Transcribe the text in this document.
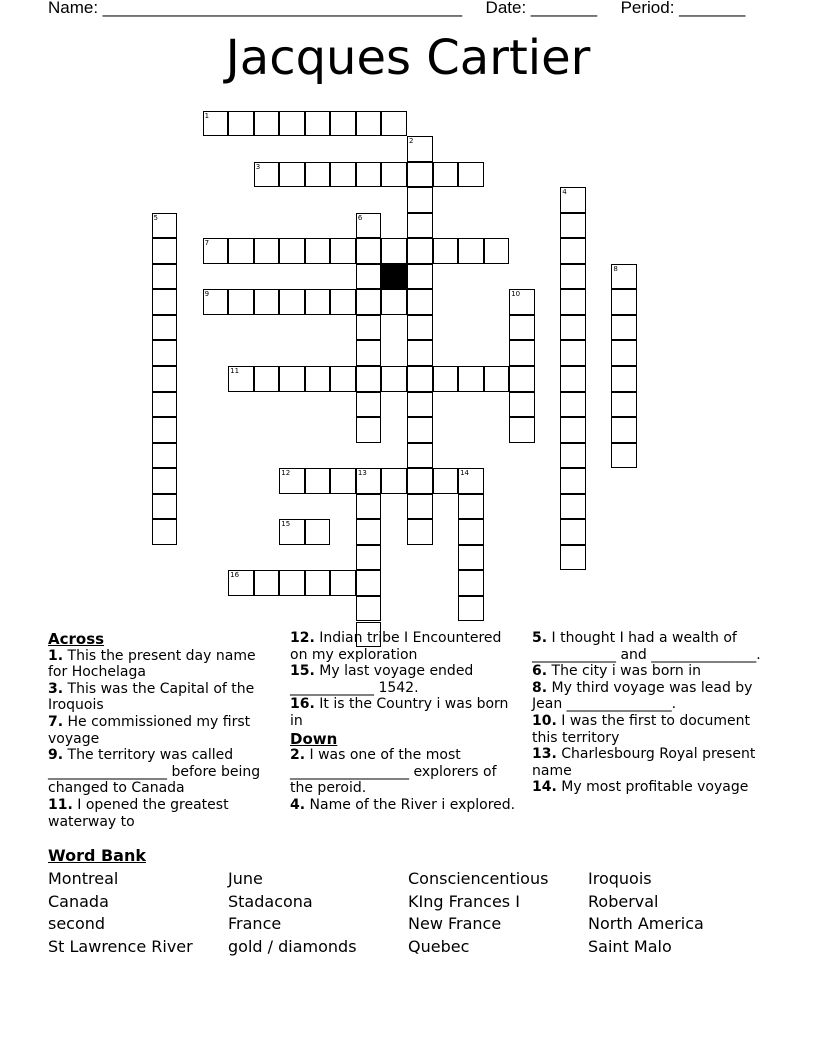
Name: ______________________________________ Date: _______ Period: _______
Jacques Cartier
1
2
3
4
5	6
7
8
9	10
11
12	13	14
15
16
Across
1. This the present day name for Hochelaga
3. This was the Capital of the Iroquois
7. He commissioned my first voyage
9. The territory was called _________________ before being changed to Canada
11. I opened the greatest waterway to
12. Indian tribe I Encountered on my exploration
15. My last voyage ended ____________ 1542.
16. It is the Country i was born in
Down
2. I was one of the most _________________ explorers of the peroid.
4. Name of the River i explored.
5. I thought I had a wealth of ____________ and _______________.
6. The city i was born in
8. My third voyage was lead by Jean _______________.
10. I was the first to document this territory
13. Charlesbourg Royal present name
14. My most profitable voyage
Word Bank
Montreal
Canada
second
St Lawrence River
June
Stadacona
France
gold / diamonds
Consciencentious
KIng Frances I
New France
Quebec
Iroquois
Roberval
North America
Saint Malo
